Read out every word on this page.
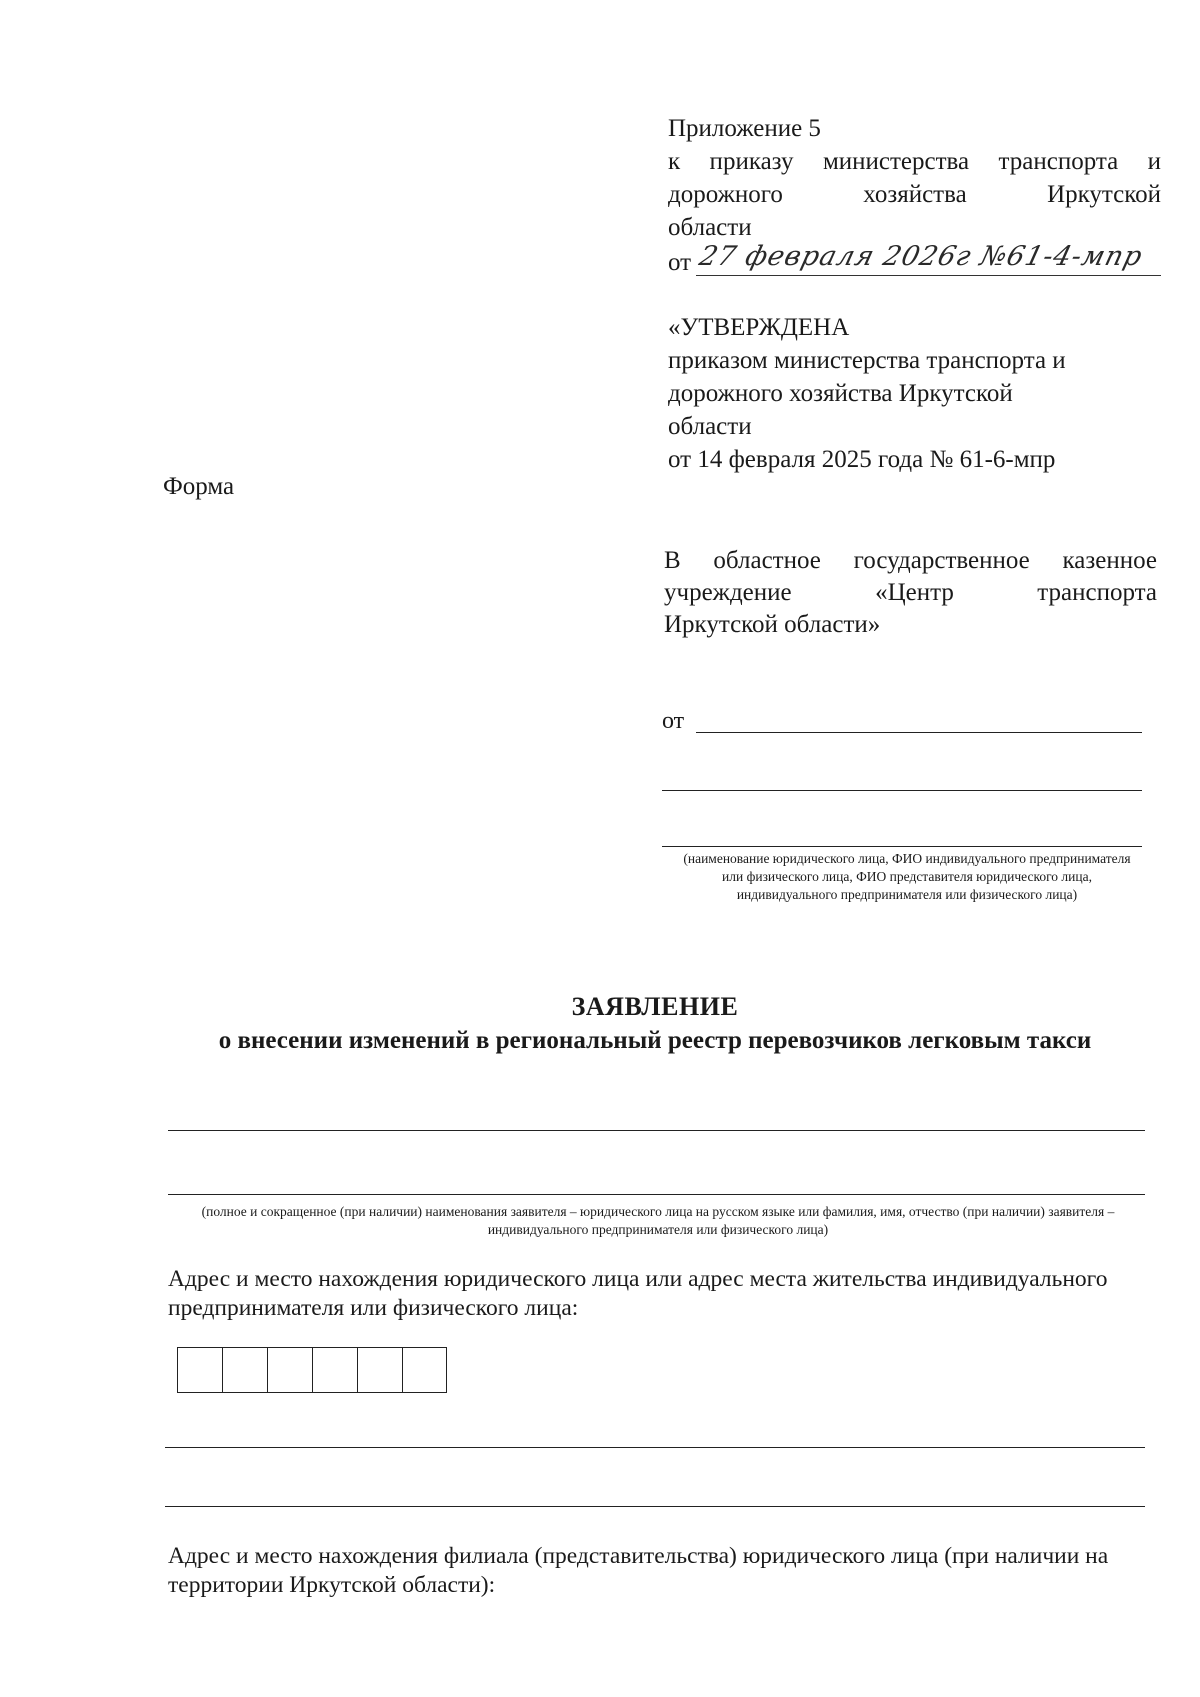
Приложение 5
к приказу министерства транспорта и
дорожного хозяйства Иркутской
области
от 27 февраля 2026г №61-4-мпр
«УТВЕРЖДЕНА
приказом министерства транспорта и
дорожного хозяйства Иркутской
области
от 14 февраля 2025 года № 61-6-мпр
Форма
В областное государственное казенное
учреждение «Центр транспорта
Иркутской области»
от
(наименование юридического лица, ФИО индивидуального предпринимателя или физического лица, ФИО представителя юридического лица, индивидуального предпринимателя или физического лица)
ЗАЯВЛЕНИЕ
о внесении изменений в региональный реестр перевозчиков легковым такси
(полное и сокращенное (при наличии) наименования заявителя – юридического лица на русском языке или фамилия, имя, отчество (при наличии) заявителя – индивидуального предпринимателя или физического лица)
Адрес и место нахождения юридического лица или адрес места жительства индивидуального предпринимателя или физического лица:
Адрес и место нахождения филиала (представительства) юридического лица (при наличии на территории Иркутской области):
